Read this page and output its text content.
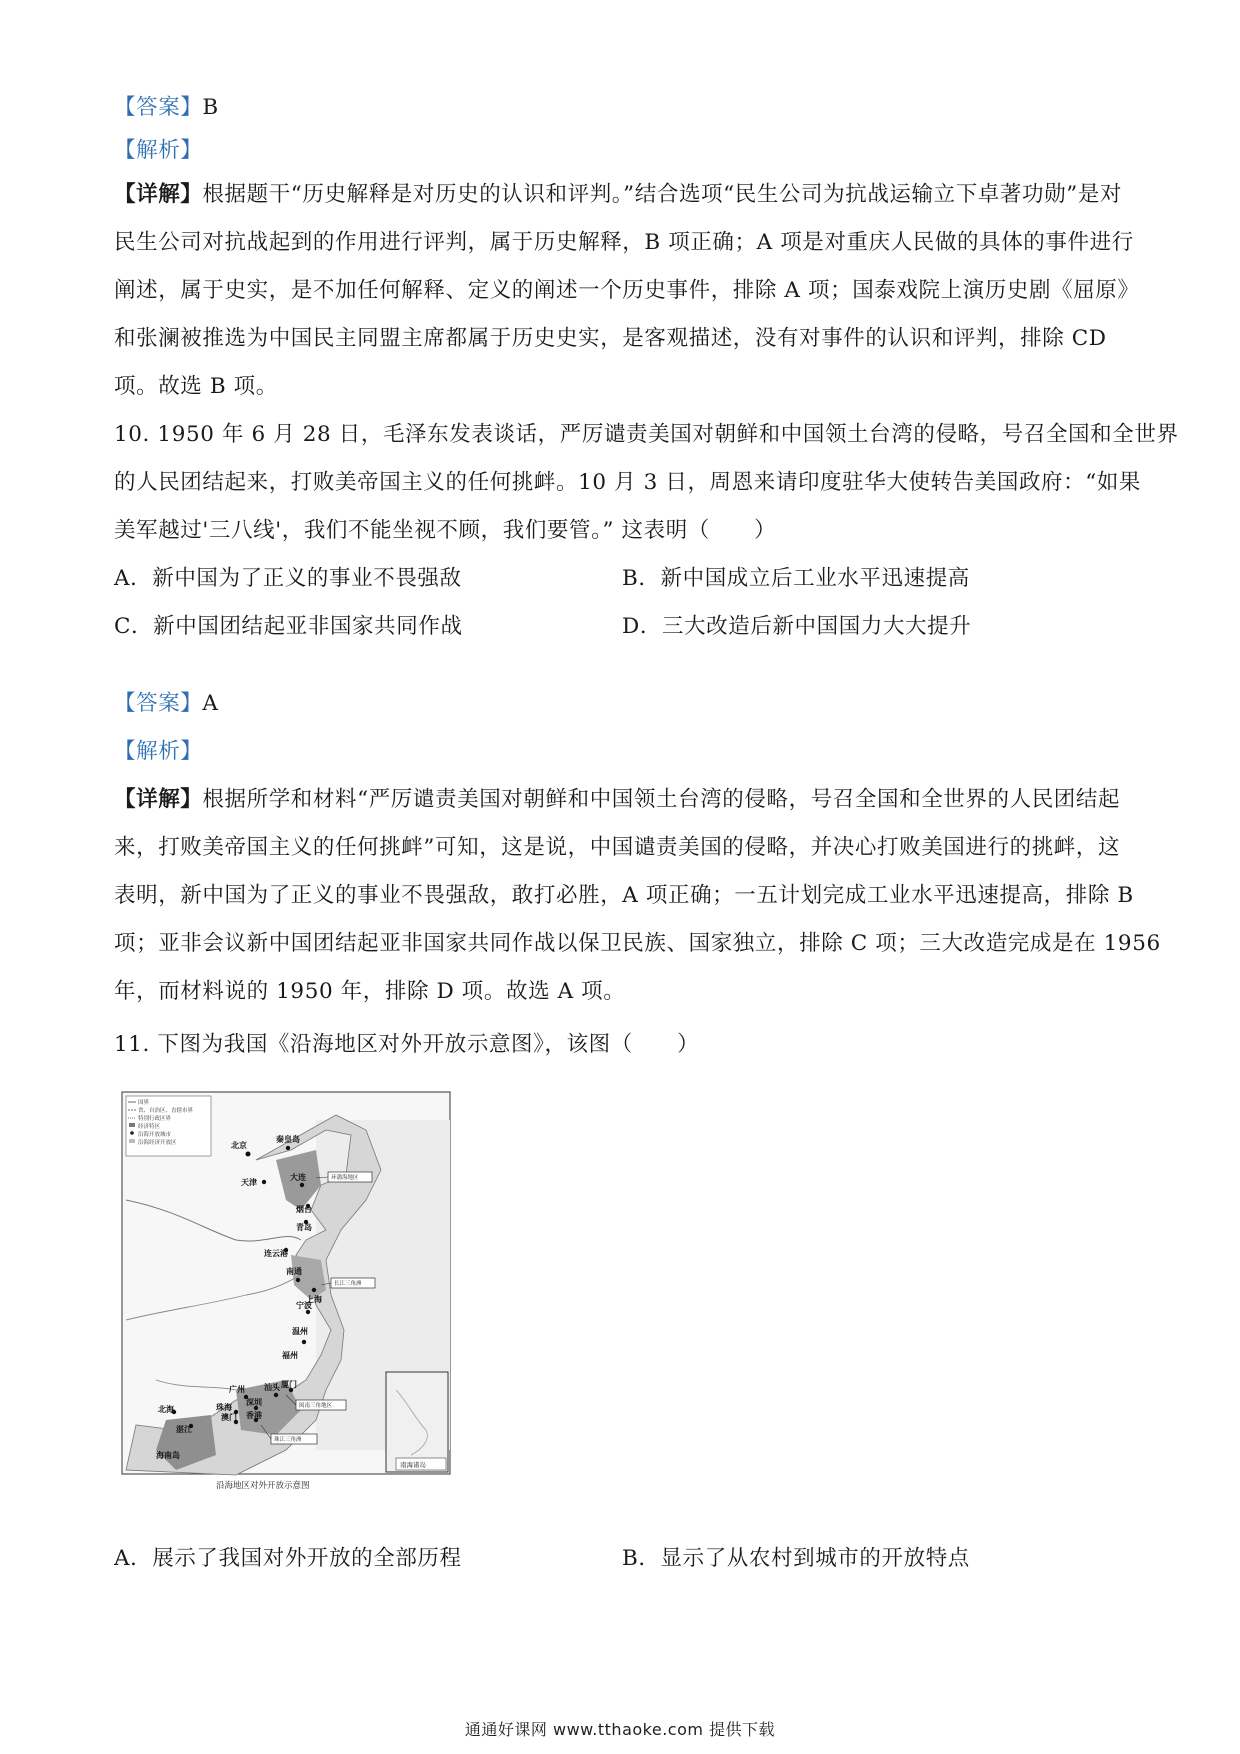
【答案】B
【解析】
【详解】根据题干“历史解释是对历史的认识和评判。”结合选项“民生公司为抗战运输立下卓著功勋”是对
民生公司对抗战起到的作用进行评判，属于历史解释，B 项正确；A 项是对重庆人民做的具体的事件进行
阐述，属于史实，是不加任何解释、定义的阐述一个历史事件，排除 A 项；国泰戏院上演历史剧《屈原》
和张澜被推选为中国民主同盟主席都属于历史史实，是客观描述，没有对事件的认识和评判，排除 CD
项。故选 B 项。
10. 1950 年 6 月 28 日，毛泽东发表谈话，严厉谴责美国对朝鲜和中国领土台湾的侵略，号召全国和全世界
的人民团结起来，打败美帝国主义的任何挑衅。10 月 3 日，周恩来请印度驻华大使转告美国政府：“如果
美军越过'三八线'，我们不能坐视不顾，我们要管。” 这表明（　　）
A．新中国为了正义的事业不畏强敌	B．新中国成立后工业水平迅速提高
C．新中国团结起亚非国家共同作战	D．三大改造后新中国国力大大提升
【答案】A
【解析】
【详解】根据所学和材料“严厉谴责美国对朝鲜和中国领土台湾的侵略，号召全国和全世界的人民团结起
来，打败美帝国主义的任何挑衅”可知，这是说，中国谴责美国的侵略，并决心打败美国进行的挑衅，这
表明，新中国为了正义的事业不畏强敌，敢打必胜，A 项正确；一五计划完成工业水平迅速提高，排除 B
项；亚非会议新中国团结起亚非国家共同作战以保卫民族、国家独立，排除 C 项；三大改造完成是在 1956
年，而材料说的 1950 年，排除 D 项。故选 A 项。
11. 下图为我国《沿海地区对外开放示意图》，该图（　　）
国界
省、自治区、直辖市界
特别行政区界
经济特区
沿海开放城市
沿海经济开放区	北京
秦皇岛
天津
大连
烟台
青岛
连云港
南通
上海
宁波
温州
福州
厦门
汕头
广州
深圳
珠海
香港
澳门
北海
湛江
海南岛
环渤海地区
长江三角洲
闽南三角地区
珠江三角洲
南海诸岛
沿海地区对外开放示意图
A．展示了我国对外开放的全部历程	B．显示了从农村到城市的开放特点
通通好课网 www.tthaoke.com 提供下载
